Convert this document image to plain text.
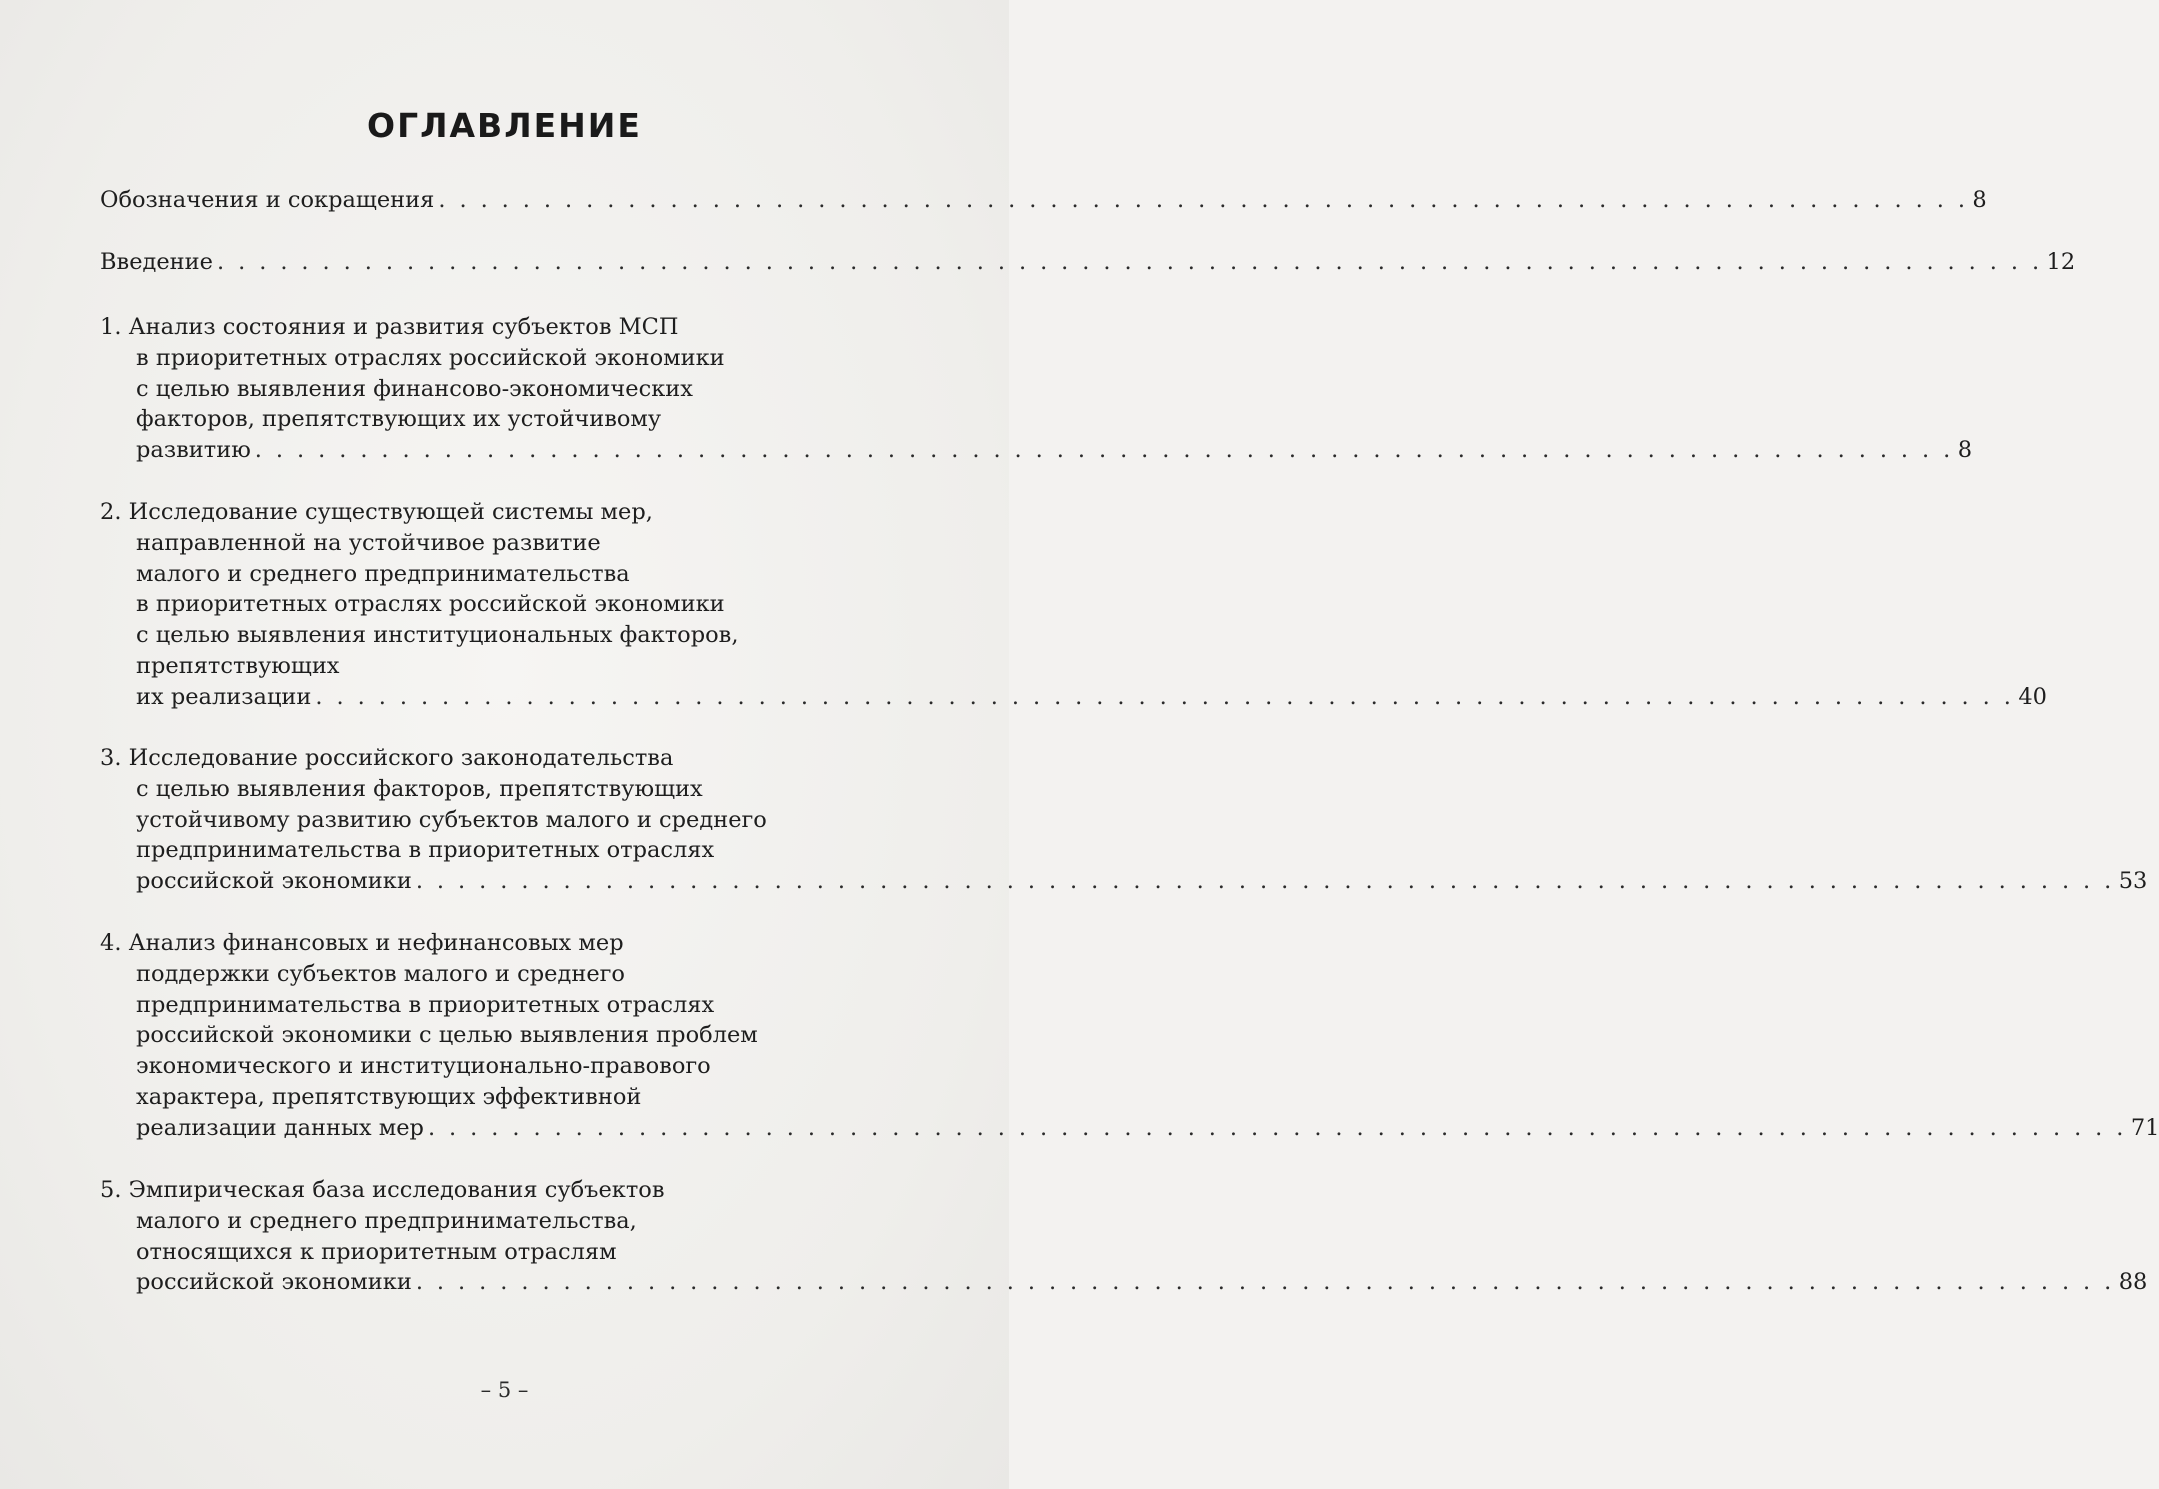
ОГЛАВЛЕНИЕ
Обозначения и сокращения . . . . . . . . . . . . . . . . . . . . . . . . . . . . . . . . . . . . . . . . . . . . . . . . . . . . . . . . . . . . . . . . . . . . . . . . . 8
Введение . . . . . . . . . . . . . . . . . . . . . . . . . . . . . . . . . . . . . . . . . . . . . . . . . . . . . . . . . . . . . . . . . . . . . . . . . . . . . . . . . . . . . . . 12
1. Анализ состояния и развития субъектов МСП
в приоритетных отраслях российской экономики
с целью выявления финансово-экономических
факторов, препятствующих их устойчивому
развитию . . . . . . . . . . . . . . . . . . . . . . . . . . . . . . . . . . . . . . . . . . . . . . . . . . . . . . . . . . . . . . . . . . . . . . . . . . . . . . . . . 8
2. Исследование существующей системы мер,
направленной на устойчивое развитие
малого и среднего предпринимательства
в приоритетных отраслях российской экономики
с целью выявления институциональных факторов,
препятствующих
их реализации . . . . . . . . . . . . . . . . . . . . . . . . . . . . . . . . . . . . . . . . . . . . . . . . . . . . . . . . . . . . . . . . . . . . . . . . . . . . . . . . . 40
3. Исследование российского законодательства
с целью выявления факторов, препятствующих
устойчивому развитию субъектов малого и среднего
предпринимательства в приоритетных отраслях
российской экономики . . . . . . . . . . . . . . . . . . . . . . . . . . . . . . . . . . . . . . . . . . . . . . . . . . . . . . . . . . . . . . . . . . . . . . . . . . . . . . . . . 53
4. Анализ финансовых и нефинансовых мер
поддержки субъектов малого и среднего
предпринимательства в приоритетных отраслях
российской экономики с целью выявления проблем
экономического и институционально-правового
характера, препятствующих эффективной
реализации данных мер . . . . . . . . . . . . . . . . . . . . . . . . . . . . . . . . . . . . . . . . . . . . . . . . . . . . . . . . . . . . . . . . . . . . . . . . . . . . . . . . . 71
5. Эмпирическая база исследования субъектов
малого и среднего предпринимательства,
относящихся к приоритетным отраслям
российской экономики . . . . . . . . . . . . . . . . . . . . . . . . . . . . . . . . . . . . . . . . . . . . . . . . . . . . . . . . . . . . . . . . . . . . . . . . . . . . . . . . . 88
– 5 –
